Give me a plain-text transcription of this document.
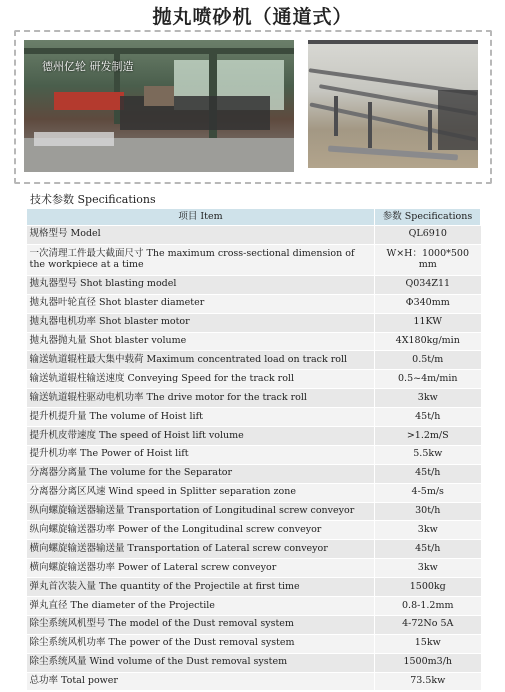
抛丸喷砂机（通道式）
德州亿轮 研发制造
技术参数 Specifications
项目 Item	参数 Specifications
规格型号 Model	QL6910
一次清理工件最大截面尺寸 The maximum cross-sectional dimension of the workpiece at a time	W×H：1000*500 mm
抛丸器型号 Shot blasting model	Q034Z11
抛丸器叶轮直径 Shot blaster diameter	Φ340mm
抛丸器电机功率 Shot blaster motor	11KW
抛丸器抛丸量 Shot blaster volume	4X180kg/min
输送轨道辊柱最大集中载荷 Maximum concentrated load on track roll	0.5t/m
输送轨道辊柱输送速度 Conveying Speed for the track roll	0.5~4m/min
输送轨道辊柱驱动电机功率 The drive motor for the track roll	3kw
提升机提升量 The volume of Hoist lift	45t/h
提升机皮带速度 The speed of Hoist lift volume	>1.2m/S
提升机功率 The Power of Hoist lift	5.5kw
分离器分离量 The volume for the Separator	45t/h
分离器分离区风速 Wind speed in Splitter separation zone	4-5m/s
纵向螺旋输送器输送量 Transportation of Longitudinal screw conveyor	30t/h
纵向螺旋输送器功率 Power of the Longitudinal screw conveyor	3kw
横向螺旋输送器输送量 Transportation of Lateral screw conveyor	45t/h
横向螺旋输送器功率 Power of Lateral screw conveyor	3kw
弹丸首次装入量 The quantity of the Projectile at first time	1500kg
弹丸直径 The diameter of the Projectile	0.8-1.2mm
除尘系统风机型号 The model of the Dust removal system	4-72No 5A
除尘系统风机功率 The power of the Dust removal system	15kw
除尘系统风量 Wind volume of the Dust removal system	1500m3/h
总功率 Total power	73.5kw
